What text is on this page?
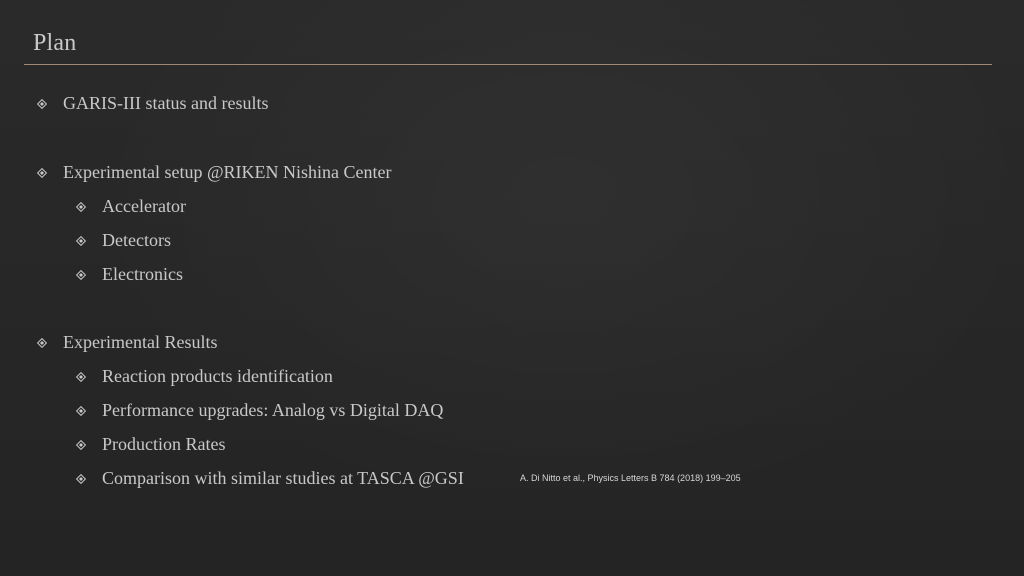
Plan
GARIS-III status and results
Experimental setup @RIKEN Nishina Center
Accelerator
Detectors
Electronics
Experimental Results
Reaction products identification
Performance upgrades: Analog vs Digital DAQ
Production Rates
Comparison with similar studies at TASCA @GSI	A. Di Nitto et al., Physics Letters B 784 (2018) 199–205
